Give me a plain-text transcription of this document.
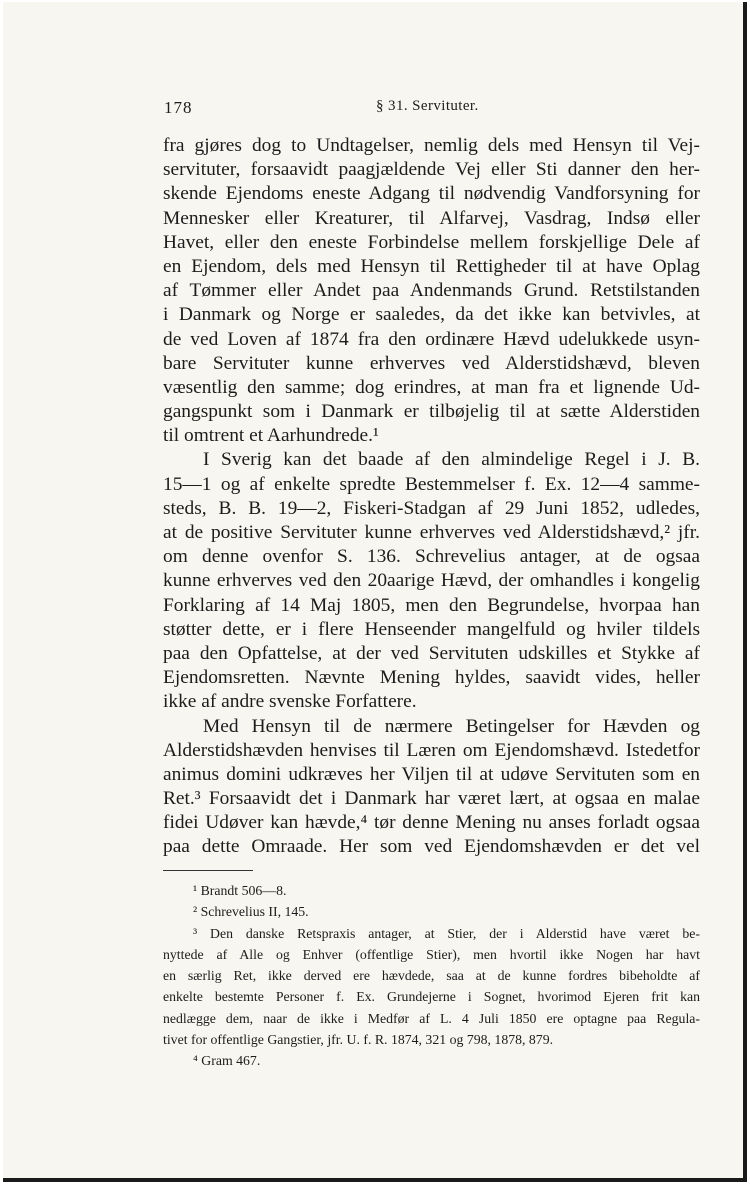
178	§ 31. Servituter.
fra gjøres dog to Undtagelser, nemlig dels med Hensyn til Vej-
servituter, forsaavidt paagjældende Vej eller Sti danner den her-
skende Ejendoms eneste Adgang til nødvendig Vandforsyning for
Mennesker eller Kreaturer, til Alfarvej, Vasdrag, Indsø eller
Havet, eller den eneste Forbindelse mellem forskjellige Dele af
en Ejendom, dels med Hensyn til Rettigheder til at have Oplag
af Tømmer eller Andet paa Andenmands Grund. Retstilstanden
i Danmark og Norge er saaledes, da det ikke kan betvivles, at
de ved Loven af 1874 fra den ordinære Hævd udelukkede usyn-
bare Servituter kunne erhverves ved Alderstidshævd, bleven
væsentlig den samme; dog erindres, at man fra et lignende Ud-
gangspunkt som i Danmark er tilbøjelig til at sætte Alderstiden
til omtrent et Aarhundrede.¹
I Sverig kan det baade af den almindelige Regel i J. B.
15—1 og af enkelte spredte Bestemmelser f. Ex. 12—4 samme-
steds, B. B. 19—2, Fiskeri-Stadgan af 29 Juni 1852, udledes,
at de positive Servituter kunne erhverves ved Alderstidshævd,² jfr.
om denne ovenfor S. 136. Schrevelius antager, at de ogsaa
kunne erhverves ved den 20aarige Hævd, der omhandles i kongelig
Forklaring af 14 Maj 1805, men den Begrundelse, hvorpaa han
støtter dette, er i flere Henseender mangelfuld og hviler tildels
paa den Opfattelse, at der ved Servituten udskilles et Stykke af
Ejendomsretten. Nævnte Mening hyldes, saavidt vides, heller
ikke af andre svenske Forfattere.
Med Hensyn til de nærmere Betingelser for Hævden og
Alderstidshævden henvises til Læren om Ejendomshævd. Istedetfor
animus domini udkræves her Viljen til at udøve Servituten som en
Ret.³ Forsaavidt det i Danmark har været lært, at ogsaa en malae
fidei Udøver kan hævde,⁴ tør denne Mening nu anses forladt ogsaa
paa dette Omraade. Her som ved Ejendomshævden er det vel
¹ Brandt 506—8.
² Schrevelius II, 145.
³ Den danske Retspraxis antager, at Stier, der i Alderstid have været be-
nyttede af Alle og Enhver (offentlige Stier), men hvortil ikke Nogen har havt
en særlig Ret, ikke derved ere hævdede, saa at de kunne fordres bibeholdte af
enkelte bestemte Personer f. Ex. Grundejerne i Sognet, hvorimod Ejeren frit kan
nedlægge dem, naar de ikke i Medfør af L. 4 Juli 1850 ere optagne paa Regula-
tivet for offentlige Gangstier, jfr. U. f. R. 1874, 321 og 798, 1878, 879.
⁴ Gram 467.
